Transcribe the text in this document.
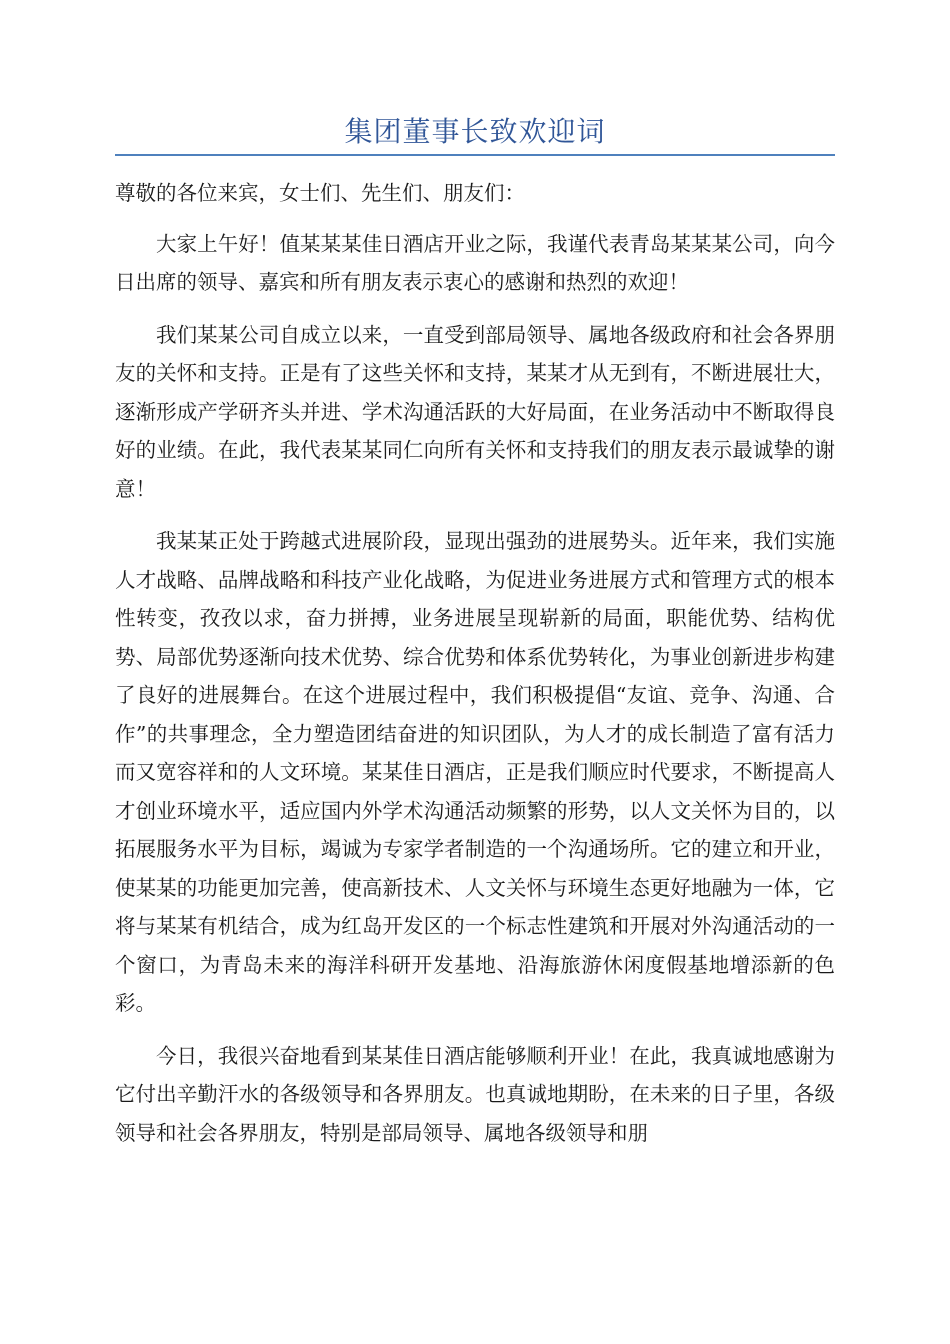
集团董事长致欢迎词

尊敬的各位来宾，女士们、先生们、朋友们：

大家上午好！值某某某佳日酒店开业之际，我谨代表青岛某某某公司，向今日出席的领导、嘉宾和所有朋友表示衷心的感谢和热烈的欢迎！

我们某某公司自成立以来，一直受到部局领导、属地各级政府和社会各界朋友的关怀和支持。正是有了这些关怀和支持，某某才从无到有，不断进展壮大，逐渐形成产学研齐头并进、学术沟通活跃的大好局面，在业务活动中不断取得良好的业绩。在此，我代表某某同仁向所有关怀和支持我们的朋友表示最诚挚的谢意！

我某某正处于跨越式进展阶段，显现出强劲的进展势头。近年来，我们实施人才战略、品牌战略和科技产业化战略，为促进业务进展方式和管理方式的根本性转变，孜孜以求，奋力拼搏，业务进展呈现崭新的局面，职能优势、结构优势、局部优势逐渐向技术优势、综合优势和体系优势转化，为事业创新进步构建了良好的进展舞台。在这个进展过程中，我们积极提倡“友谊、竞争、沟通、合作”的共事理念，全力塑造团结奋进的知识团队，为人才的成长制造了富有活力而又宽容祥和的人文环境。某某佳日酒店，正是我们顺应时代要求，不断提高人才创业环境水平，适应国内外学术沟通活动频繁的形势，以人文关怀为目的，以拓展服务水平为目标，竭诚为专家学者制造的一个沟通场所。它的建立和开业，使某某的功能更加完善，使高新技术、人文关怀与环境生态更好地融为一体，它将与某某有机结合，成为红岛开发区的一个标志性建筑和开展对外沟通活动的一个窗口，为青岛未来的海洋科研开发基地、沿海旅游休闲度假基地增添新的色彩。

今日，我很兴奋地看到某某佳日酒店能够顺利开业！在此，我真诚地感谢为它付出辛勤汗水的各级领导和各界朋友。也真诚地期盼，在未来的日子里，各级领导和社会各界朋友，特别是部局领导、属地各级领导和朋
